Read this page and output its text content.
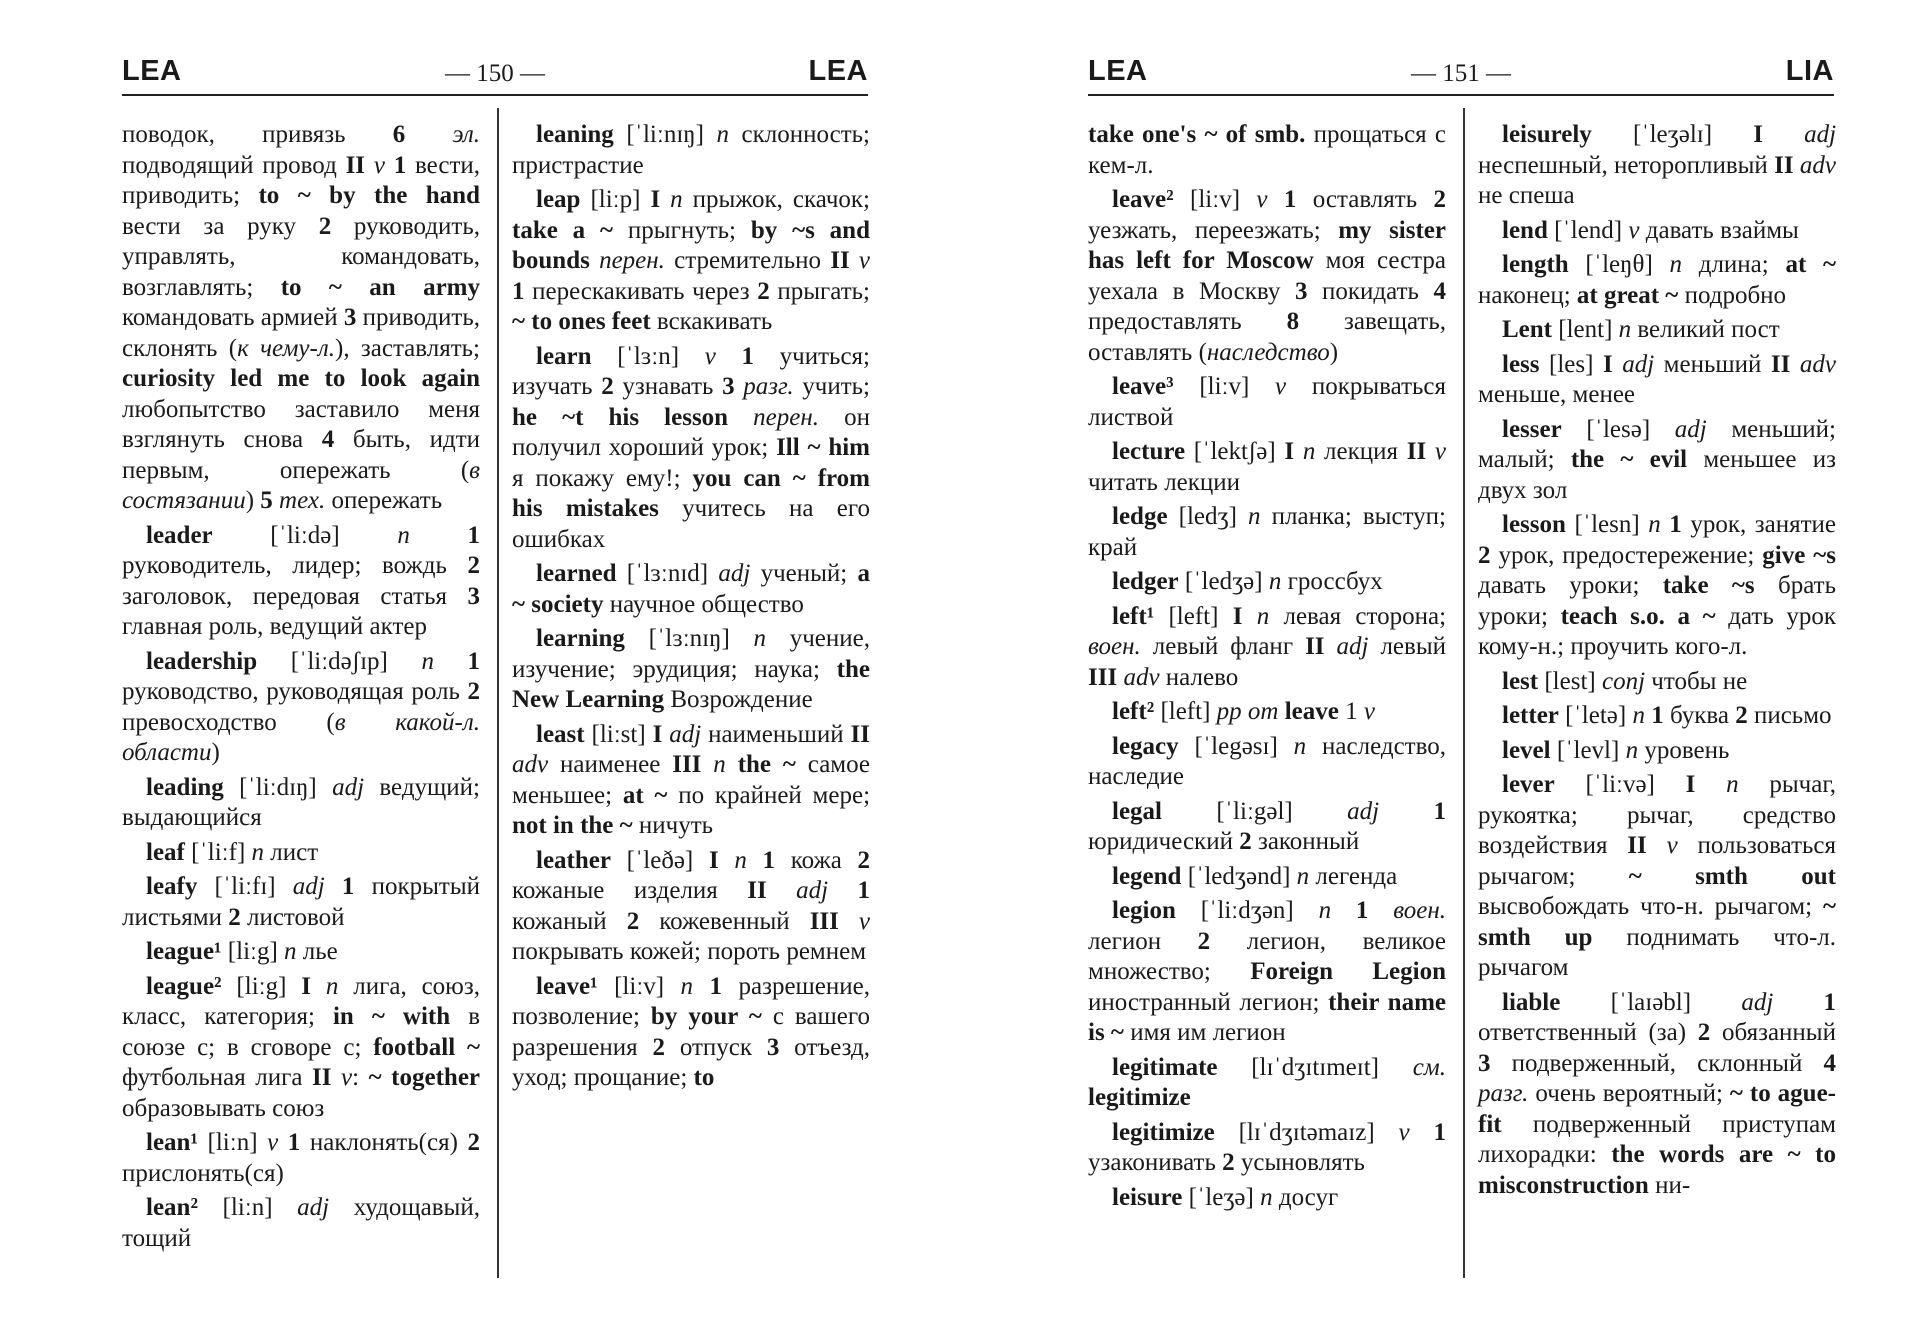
LEA	— 150 —	LEA

поводок, привязь 6 эл. подводящий провод II v 1 вести, приводить; to ~ by the hand вести за руку 2 руководить, управлять, командовать, возглавлять; to ~ an army командовать армией 3 приводить, склонять (к чему-л.), заставлять; curiosity led me to look again любопытство заставило меня взглянуть снова 4 быть, идти первым, опережать (в состязании) 5 тех. опережать

leader [ˈliːdə] n 1 руководитель, лидер; вождь 2 заголовок, передовая статья 3 главная роль, ведущий актер

leadership [ˈliːdəʃɪp] n 1 руководство, руководящая роль 2 превосходство (в какой-л. области)

leading [ˈliːdɪŋ] adj ведущий; выдающийся

leaf [ˈliːf] n лист

leafy [ˈliːfɪ] adj 1 покрытый листьями 2 листовой

league¹ [liːg] n лье

league² [liːg] I n лига, союз, класс, категория; in ~ with в союзе с; в сговоре с; football ~ футбольная лига II v: ~ together образовывать союз

lean¹ [liːn] v 1 наклонять(ся) 2 прислонять(ся)

lean² [liːn] adj худощавый, тощий

leaning [ˈliːnɪŋ] n склонность; пристрастие

leap [liːp] I n прыжок, скачок; take a ~ прыгнуть; by ~s and bounds перен. стремительно II v 1 перескакивать через 2 прыгать; ~ to ones feet вскакивать

learn [ˈlɜːn] v 1 учиться; изучать 2 узнавать 3 разг. учить; he ~t his lesson перен. он получил хороший урок; Ill ~ him я покажу ему!; you can ~ from his mistakes учитесь на его ошибках

learned [ˈlɜːnɪd] adj ученый; a ~ society научное общество

learning [ˈlɜːnɪŋ] n учение, изучение; эрудиция; наука; the New Learning Возрождение

least [liːst] I adj наименьший II adv наименее III n the ~ самое меньшее; at ~ по крайней мере; not in the ~ ничуть

leather [ˈleðə] I n 1 кожа 2 кожаные изделия II adj 1 кожаный 2 кожевенный III v покрывать кожей; пороть ремнем

leave¹ [liːv] n 1 разрешение, позволение; by your ~ с вашего разрешения 2 отпуск 3 отъезд, уход; прощание; to

LEA	— 151 —	LIA

take one's ~ of smb. прощаться с кем-л.

leave² [liːv] v 1 оставлять 2 уезжать, переезжать; my sister has left for Moscow моя сестра уехала в Москву 3 покидать 4 предоставлять 8 завещать, оставлять (наследство)

leave³ [liːv] v покрываться листвой

lecture [ˈlektʃə] I n лекция II v читать лекции

ledge [ledʒ] n планка; выступ; край

ledger [ˈledʒə] n гроссбух

left¹ [left] I n левая сторона; воен. левый фланг II adj левый III adv налево

left² [left] pp от leave 1 v

legacy [ˈlegəsɪ] n наследство, наследие

legal [ˈliːgəl] adj 1 юридический 2 законный

legend [ˈledʒənd] n легенда

legion [ˈliːdʒən] n 1 воен. легион 2 легион, великое множество; Foreign Legion иностранный легион; their name is ~ имя им легион

legitimate [lɪˈdʒɪtɪmeɪt] см. legitimize

legitimize [lɪˈdʒɪtəmaɪz] v 1 узаконивать 2 усыновлять

leisure [ˈleʒə] n досуг

leisurely [ˈleʒəlɪ] I adj неспешный, неторопливый II adv не спеша

lend [ˈlend] v давать взаймы

length [ˈleŋθ] n длина; at ~ наконец; at great ~ подробно

Lent [lent] n великий пост

less [les] I adj меньший II adv меньше, менее

lesser [ˈlesə] adj меньший; малый; the ~ evil меньшее из двух зол

lesson [ˈlesn] n 1 урок, занятие 2 урок, предостережение; give ~s давать уроки; take ~s брать уроки; teach s.o. a ~ дать урок кому-н.; проучить кого-л.

lest [lest] conj чтобы не

letter [ˈletə] n 1 буква 2 письмо

level [ˈlevl] n уровень

lever [ˈliːvə] I n рычаг, рукоятка; рычаг, средство воздействия II v пользоваться рычагом; ~ smth out высвобождать что-н. рычагом; ~ smth up поднимать что-л. рычагом

liable [ˈlaɪəbl] adj 1 ответственный (за) 2 обязанный 3 подверженный, склонный 4 разг. очень вероятный; ~ to ague-fit подверженный приступам лихорадки: the words are ~ to misconstruction ни-
